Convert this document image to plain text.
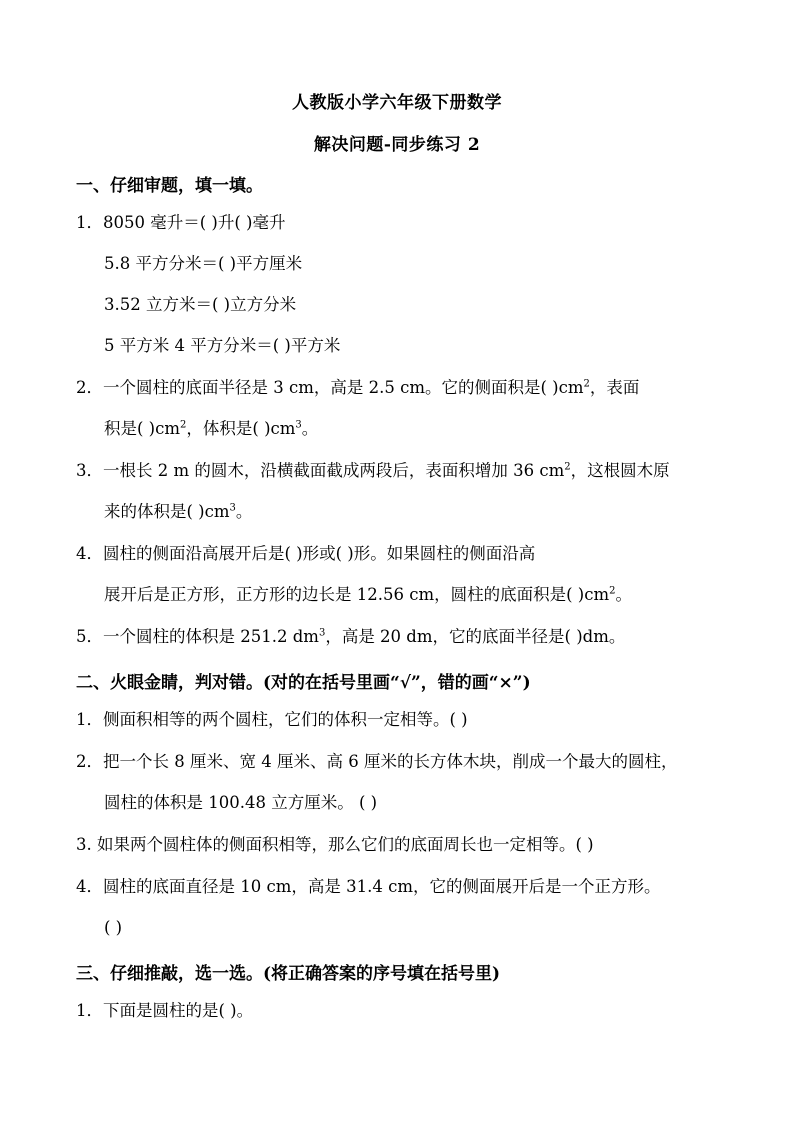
人教版小学六年级下册数学
解决问题-同步练习 2
一、仔细审题，填一填。
1．8050 毫升＝( )升( )毫升
5.8 平方分米＝( )平方厘米
3.52 立方米＝( )立方分米
5 平方米 4 平方分米＝( )平方米
2．一个圆柱的底面半径是 3 cm，高是 2.5 cm。它的侧面积是( )$cm^2$，表面
积是( )$cm^2$，体积是( )$cm^3$。
3．一根长 2 m 的圆木，沿横截面截成两段后，表面积增加 36 $cm^2$，这根圆木原
来的体积是( )$cm^3$。
4．圆柱的侧面沿高展开后是( )形或( )形。如果圆柱的侧面沿高
展开后是正方形，正方形的边长是 12.56 cm，圆柱的底面积是( )$cm^2$。
5．一个圆柱的体积是 251.2 $dm^3$，高是 20 dm，它的底面半径是( )dm。
二、火眼金睛，判对错。(对的在括号里画“√”，错的画“×”)
1．侧面积相等的两个圆柱，它们的体积一定相等。( )
2．把一个长 8 厘米、宽 4 厘米、高 6 厘米的长方体木块，削成一个最大的圆柱，
圆柱的体积是 100.48 立方厘米。 ( )
3. 如果两个圆柱体的侧面积相等，那么它们的底面周长也一定相等。( )
4．圆柱的底面直径是 10 cm，高是 31.4 cm，它的侧面展开后是一个正方形。
( )
三、仔细推敲，选一选。(将正确答案的序号填在括号里)
1．下面是圆柱的是( )。
